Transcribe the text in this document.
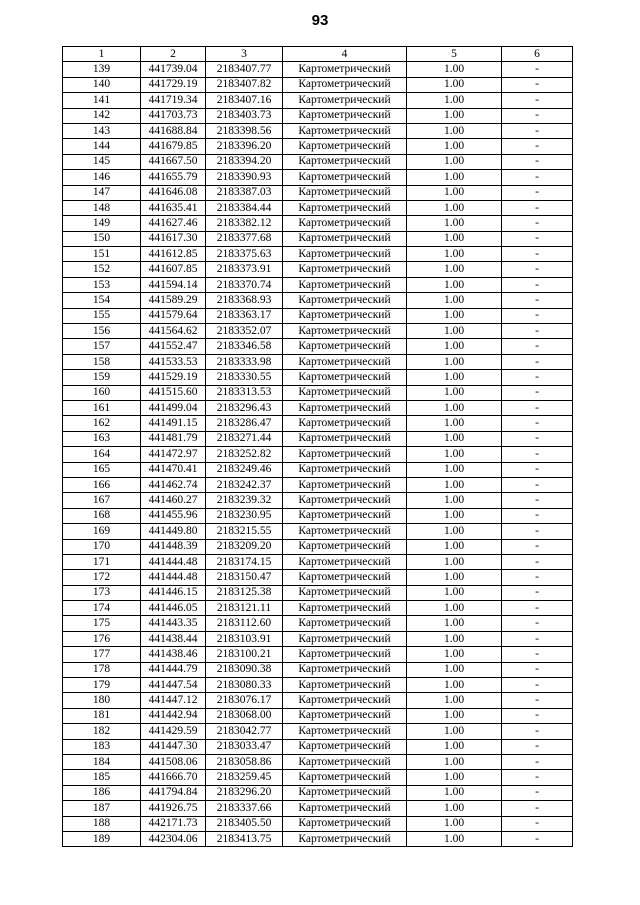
93
1	2	3	4	5	6
139	441739.04	2183407.77	Картометрический	1.00	-
140	441729.19	2183407.82	Картометрический	1.00	-
141	441719.34	2183407.16	Картометрический	1.00	-
142	441703.73	2183403.73	Картометрический	1.00	-
143	441688.84	2183398.56	Картометрический	1.00	-
144	441679.85	2183396.20	Картометрический	1.00	-
145	441667.50	2183394.20	Картометрический	1.00	-
146	441655.79	2183390.93	Картометрический	1.00	-
147	441646.08	2183387.03	Картометрический	1.00	-
148	441635.41	2183384.44	Картометрический	1.00	-
149	441627.46	2183382.12	Картометрический	1.00	-
150	441617.30	2183377.68	Картометрический	1.00	-
151	441612.85	2183375.63	Картометрический	1.00	-
152	441607.85	2183373.91	Картометрический	1.00	-
153	441594.14	2183370.74	Картометрический	1.00	-
154	441589.29	2183368.93	Картометрический	1.00	-
155	441579.64	2183363.17	Картометрический	1.00	-
156	441564.62	2183352.07	Картометрический	1.00	-
157	441552.47	2183346.58	Картометрический	1.00	-
158	441533.53	2183333.98	Картометрический	1.00	-
159	441529.19	2183330.55	Картометрический	1.00	-
160	441515.60	2183313.53	Картометрический	1.00	-
161	441499.04	2183296.43	Картометрический	1.00	-
162	441491.15	2183286.47	Картометрический	1.00	-
163	441481.79	2183271.44	Картометрический	1.00	-
164	441472.97	2183252.82	Картометрический	1.00	-
165	441470.41	2183249.46	Картометрический	1.00	-
166	441462.74	2183242.37	Картометрический	1.00	-
167	441460.27	2183239.32	Картометрический	1.00	-
168	441455.96	2183230.95	Картометрический	1.00	-
169	441449.80	2183215.55	Картометрический	1.00	-
170	441448.39	2183209.20	Картометрический	1.00	-
171	441444.48	2183174.15	Картометрический	1.00	-
172	441444.48	2183150.47	Картометрический	1.00	-
173	441446.15	2183125.38	Картометрический	1.00	-
174	441446.05	2183121.11	Картометрический	1.00	-
175	441443.35	2183112.60	Картометрический	1.00	-
176	441438.44	2183103.91	Картометрический	1.00	-
177	441438.46	2183100.21	Картометрический	1.00	-
178	441444.79	2183090.38	Картометрический	1.00	-
179	441447.54	2183080.33	Картометрический	1.00	-
180	441447.12	2183076.17	Картометрический	1.00	-
181	441442.94	2183068.00	Картометрический	1.00	-
182	441429.59	2183042.77	Картометрический	1.00	-
183	441447.30	2183033.47	Картометрический	1.00	-
184	441508.06	2183058.86	Картометрический	1.00	-
185	441666.70	2183259.45	Картометрический	1.00	-
186	441794.84	2183296.20	Картометрический	1.00	-
187	441926.75	2183337.66	Картометрический	1.00	-
188	442171.73	2183405.50	Картометрический	1.00	-
189	442304.06	2183413.75	Картометрический	1.00	-
